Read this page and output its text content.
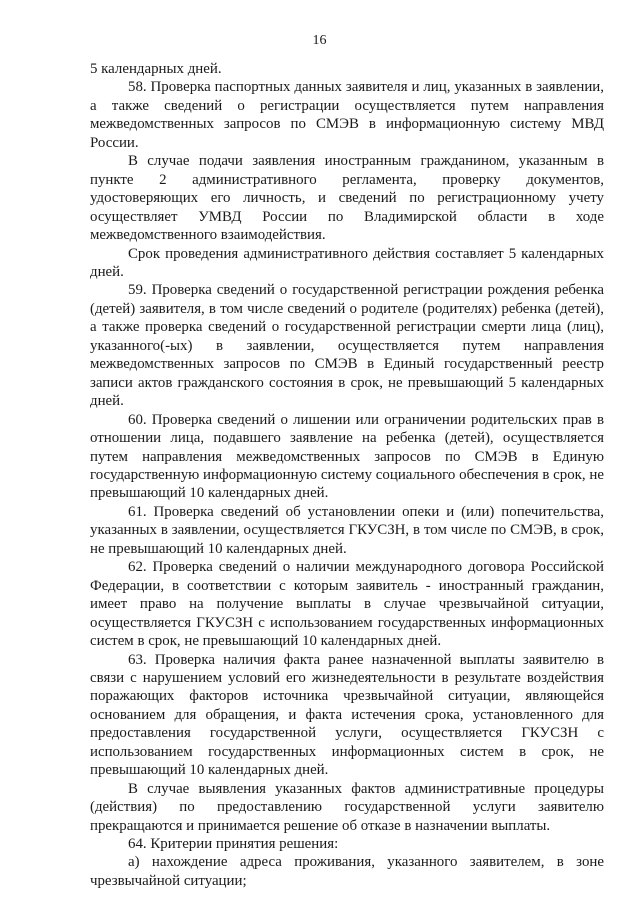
16

5 календарных дней.

58. Проверка паспортных данных заявителя и лиц, указанных в заявлении, а также сведений о регистрации осуществляется путем направления межведомственных запросов по СМЭВ в информационную систему МВД России.

В случае подачи заявления иностранным гражданином, указанным в пункте 2 административного регламента, проверку документов, удостоверяющих его личность, и сведений по регистрационному учету осуществляет УМВД России по Владимирской области в ходе межведомственного взаимодействия.

Срок проведения административного действия составляет 5 календарных дней.

59. Проверка сведений о государственной регистрации рождения ребенка (детей) заявителя, в том числе сведений о родителе (родителях) ребенка (детей), а также проверка сведений о государственной регистрации смерти лица (лиц), указанного(-ых) в заявлении, осуществляется путем направления межведомственных запросов по СМЭВ в Единый государственный реестр записи актов гражданского состояния в срок, не превышающий 5 календарных дней.

60. Проверка сведений о лишении или ограничении родительских прав в отношении лица, подавшего заявление на ребенка (детей), осуществляется путем направления межведомственных запросов по СМЭВ в Единую государственную информационную систему социального обеспечения в срок, не превышающий 10 календарных дней.

61. Проверка сведений об установлении опеки и (или) попечительства, указанных в заявлении, осуществляется ГКУСЗН, в том числе по СМЭВ, в срок, не превышающий 10 календарных дней.

62. Проверка сведений о наличии международного договора Российской Федерации, в соответствии с которым заявитель - иностранный гражданин, имеет право на получение выплаты в случае чрезвычайной ситуации, осуществляется ГКУСЗН с использованием государственных информационных систем в срок, не превышающий 10 календарных дней.

63. Проверка наличия факта ранее назначенной выплаты заявителю в связи с нарушением условий его жизнедеятельности в результате воздействия поражающих факторов источника чрезвычайной ситуации, являющейся основанием для обращения, и факта истечения срока, установленного для предоставления государственной услуги, осуществляется ГКУСЗН с использованием государственных информационных систем в срок, не превышающий 10 календарных дней.

В случае выявления указанных фактов административные процедуры (действия) по предоставлению государственной услуги заявителю прекращаются и принимается решение об отказе в назначении выплаты.

64. Критерии принятия решения:

а) нахождение адреса проживания, указанного заявителем, в зоне чрезвычайной ситуации;
